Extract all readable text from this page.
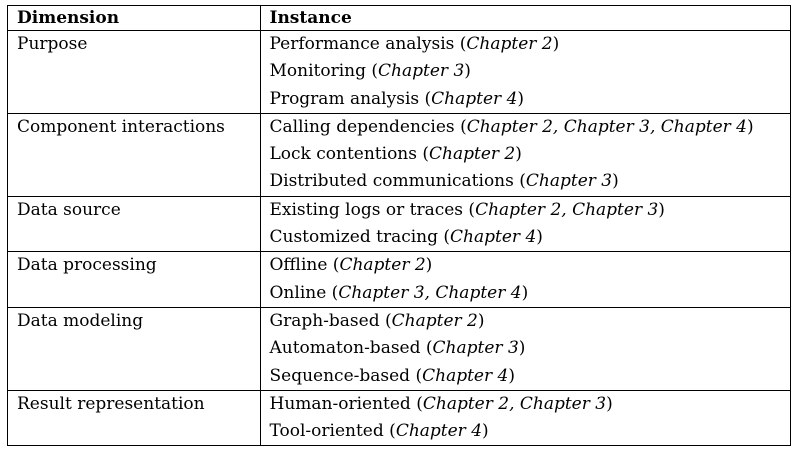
Dimension	Instance
Purpose	Performance analysis (Chapter 2)
Monitoring (Chapter 3)
Program analysis (Chapter 4)

Component interactions	Calling dependencies (Chapter 2, Chapter 3, Chapter 4)
Lock contentions (Chapter 2)
Distributed communications (Chapter 3)

Data source	Existing logs or traces (Chapter 2, Chapter 3)
Customized tracing (Chapter 4)

Data processing	Offline (Chapter 2)
Online (Chapter 3, Chapter 4)

Data modeling	Graph-based (Chapter 2)
Automaton-based (Chapter 3)
Sequence-based (Chapter 4)

Result representation	Human-oriented (Chapter 2, Chapter 3)
Tool-oriented (Chapter 4)
